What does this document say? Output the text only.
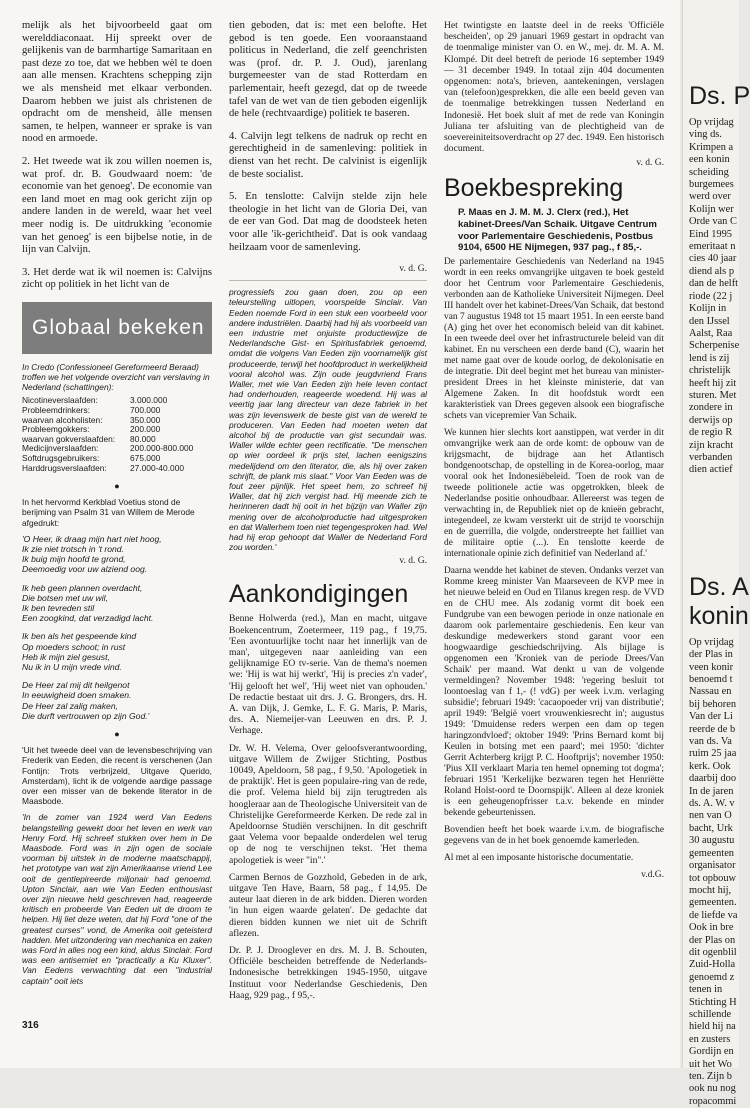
melijk als het bijvoorbeeld gaat om werelddiaconaat. Hij spreekt over de gelijkenis van de barmhartige Samaritaan en past deze zo toe, dat we hebben wèl te doen aan alle mensen. Krachtens schepping zijn we als mensheid met elkaar verbonden. Daarom hebben we juist als christenen de opdracht om de mensheid, àlle mensen samen, te helpen, wanneer er sprake is van nood en armoede.

2. Het tweede wat ik zou willen noemen is, wat prof. dr. B. Goudwaard noem: 'de economie van het genoeg'. De economie van een land moet en mag ook gericht zijn op andere landen in de wereld, waar het veel meer nodig is. De uitdrukking 'economie van het genoeg' is een bijbelse notie, in de lijn van Calvijn.

3. Het derde wat ik wil noemen is: Calvijns zicht op politiek in het licht van de

Globaal bekeken
In Credo (Confessioneel Gereformeerd Beraad) troffen we het volgende overzicht van verslaving in Nederland (schattingen):
Nicotineverslaafden:	3.000.000
Probleemdrinkers:	700.000
waarvan alcoholisten:	350.000
Probleemgokkers:	200.000
waarvan gokverslaafden:	80.000
Medicijnverslaafden:	200.000-800.000
Softdrugsgebruikers:	675.000
Harddrugsverslaafden:	27.000-40.000
●
In het hervormd Kerkblad Voetius stond de berijming van Psalm 31 van Willem de Merode afgedrukt:
'O Heer, ik draag mijn hart niet hoog,
Ik zie niet trotsch in 't rond.
Ik buig mijn hoofd te grond,
Deemoedig voor uw alziend oog.
Ik heb geen plannen overdacht,
Die botsen met uw wil,
Ik ben tevreden stil
Een zoogkind, dat verzadigd lacht.
Ik ben als het gespeende kind
Op moeders schoot; in rust
Heb ik mijn ziel gesust,
Nu ik in U mijn vrede vind.
De Heer zal mij dit heilgenot
In eeuwigheid doen smaken.
De Heer zal zalig maken,
Die durft vertrouwen op zijn God.'
●
'Uit het tweede deel van de levensbeschrijving van Frederik van Eeden, die recent is verschenen (Jan Fontijn: Trots verbrijzeld, Uitgave Querido, Amsterdam), licht ik de volgende aardige passage over een misser van de bekende literator in de Maasbode.
'In de zomer van 1924 werd Van Eedens belangstelling gewekt door het leven en werk van Henry Ford. Hij schreef stukken over hem in De Maasbode. Ford was in zijn ogen de sociale voorman bij uitstek in de moderne maatschappij, het prototype van wat zijn Amerikaanse vriend Lee ooit de gentlepireerde miljonair had genoemd. Upton Sinclair, aan wie Van Eeden enthousiast over zijn nieuwe held geschreven had, reageerde kritisch en probeerde Van Eeden uit de droom te helpen. Hij liet deze weten, dat hij Ford "one of the greatest curses" vond, de Amerika ooit geteisterd hadden. Met uitzondering van mechanica en zaken was Ford in alles nog een kind, aldus Sinclair. Ford was een antisemiet en "practically a Ku Kluxer". Van Eedens verwachting dat een "industrial captain" ooit iets

tien geboden, dat is: met een belofte. Het gebod is ten goede. Een vooraanstaand politicus in Nederland, die zelf geenchristen was (prof. dr. P. J. Oud), jarenlang burgemeester van de stad Rotterdam en parlementair, heeft gezegd, dat op de tweede tafel van de wet van de tien geboden eigenlijk de hele (rechtvaardige) politiek te baseren.

4. Calvijn legt telkens de nadruk op recht en gerechtigheid in de samenleving: politiek in dienst van het recht. De calvinist is eigenlijk de beste socialist.

5. En tenslotte: Calvijn stelde zijn hele theologie in het licht van de Gloria Dei, van de eer van God. Dat mag de doodsteek heten voor alle 'ik-gerichtheid'. Dat is ook vandaag heilzaam voor de samenleving.

v. d. G.
progressiefs zou gaan doen, zou op een teleurstelling uitlopen, voorspelde Sinclair. Van Eeden noemde Ford in een stuk een voorbeeld voor andere industriëlen. Daarbij had hij als voorbeeld van een industrie met onjuiste productiewijze de Nederlandsche Gist- en Spiritusfabriek genoemd, omdat die volgens Van Eeden zijn voornamelijk gist produceerde, terwijl het hoofdproduct in werkelijkheid vooral alcohol was. Zijn oude jeugdvriend Frans Waller, met wie Van Eeden zijn hele leven contact had onderhouden, reageerde woedend. Hij was al veertig jaar lang directeur van deze fabriek in het was zijn levenswerk de beste gist van de wereld te produceren. Van Eeden had moeten weten dat alcohol bij de productie van gist secundair was. Waller wilde echter geen rectificatie. "De menschen op wier oordeel ik prijs stel, lachen eenigszins medelijdend om den literator, die, als hij over zaken schrijft, de plank mis slaat." Voor Van Eeden was de fout zeer pijnlijk. Het speet hem, zo schreef hij Waller, dat hij zich vergist had. Hij meende zich te herinneren dadt hij ooit in het bijzijn van Waller zijn mening over de alcoholproductie had uitgesproken en dat Wallerhem toen niet tegengesproken had. Wel had hij erop gehoopt dat Waller de Nederland Ford zou worden.'
v. d. G.
Aankondigingen

Benne Holwerda (red.), Man en macht, uitgave Boekencentrum, Zoetermeer, 119 pag., f 19,75. 'Een avontuurlijke tocht naar het innerlijk van de man', uitgegeven naar aanleiding van een gelijknamige EO tv-serie. Van de thema's noemen we: 'Hij is wat hij werkt', 'Hij is precies z'n vader', 'Hij gelooft het wel', 'Hij weet niet van ophouden.' De redactie bestaat uit drs. J. G. Brongers, drs. H. A. van Dijk, J. Gemke, L. F. G. Maris, P. Maris, drs. A. Niemeijer-van Leeuwen en drs. P. J. Verhage.

Dr. W. H. Velema, Over geloofsverantwoording, uitgave Willem de Zwijger Stichting, Postbus 10049, Apeldoorn, 58 pag., f 9,50. 'Apologetiek in de praktijk'. Het is geen populaire-ring van de rede, die prof. Velema hield bij zijn terugtreden als hoogleraar aan de Theologische Universiteit van de Christelijke Gereformeerde Kerken. De rede zal in Apeldoornse Studiën verschijnen. In dit geschrift gaat Velema voor bepaalde onderdelen wel terug op de nog te verschijnen tekst. 'Het thema apologetiek is weer "in".'

Carmen Bernos de Gozzhold, Gebeden in de ark, uitgave Ten Have, Baarn, 58 pag., f 14,95. De auteur laat dieren in de ark bidden. Dieren worden 'in hun eigen waarde gelaten'. De gedachte dat dieren bidden kunnen we niet uit de Schrift aflezen.

Dr. P. J. Drooglever en drs. M. J. B. Schouten, Officiële bescheiden betreffende de Nederlands-Indonesische betrekkingen 1945-1950, uitgave Instituut voor Nederlandse Geschiedenis, Den Haag, 929 pag., f 95,-.

Het twintigste en laatste deel in de reeks 'Officiële bescheiden', op 29 januari 1969 gestart in opdracht van de toenmalige minister van O. en W., mej. dr. M. A. M. Klompé. Dit deel betreft de periode 16 september 1949 — 31 december 1949. In totaal zijn 404 documenten opgenomen: nota's, brieven, aantekeningen, verslagen van (telefoon)gesprekken, die alle een beeld geven van de toenmalige betrekkingen tussen Nederland en Indonesië. Het boek sluit af met de rede van Koningin Juliana ter afsluiting van de plechtigheid van de soevereiniteitsoverdracht op 27 dec. 1949. Een historisch document.

v. d. G.
Boekbespreking
P. Maas en J. M. M. J. Clerx (red.), Het kabinet-Drees/Van Schaik. Uitgave Centrum voor Parlementaire Geschiedenis, Postbus 9104, 6500 HE Nijmegen, 937 pag., f 85,-.

De parlementaire Geschiedenis van Nederland na 1945 wordt in een reeks omvangrijke uitgaven te boek gesteld door het Centrum voor Parlementaire Geschiedenis, verbonden aan de Katholieke Universiteit Nijmegen. Deel III handelt over het kabinet-Drees/Van Schaik, dat bestond van 7 augustus 1948 tot 15 maart 1951. In een eerste band (A) ging het over het economisch beleid van dit kabinet. In een tweede deel over het infrastructurele beleid van dit kabinet. En nu verscheen een derde band (C), waarin het met name gaat over de koude oorlog, de dekolonisatie en de integratie. Dit deel begint met het bureau van minister-president Drees in het kleinste ministerie, dat van Algemene Zaken. In dit hoofdstuk wordt een karakteristiek van Drees gegeven alsook een biografische schets van vicepremier Van Schaik.

We kunnen hier slechts kort aanstippen, wat verder in dit omvangrijke werk aan de orde komt: de opbouw van de krijgsmacht, de bijdrage aan het Atlantisch bondgenootschap, de opstelling in de Korea-oorlog, maar vooral ook het Indonesiëbeleid. 'Toen de rook van de tweede politionele actie was opgetrokken, bleek de Nederlandse positie onhoudbaar. Allereerst was tegen de verwachting in, de Republiek niet op de knieën gebracht, integendeel, ze kwam versterkt uit de strijd te voorschijn en de guerrilla, die volgde, onderstreepte het failliet van de militaire optie (...). En tenslotte keerde de internationale opinie zich definitief van Nederland af.'

Daarna wendde het kabinet de steven. Ondanks verzet van Romme kreeg minister Van Maarseveen de KVP mee in het nieuwe beleid en Oud en Tilanus kregen resp. de VVD en de CHU mee. Als zodanig vormt dit boek een Fundgrube van een bewogen periode in onze nationale en daarom ook parlementaire geschiedenis. Een keur van deskundige medewerkers stond garant voor een hoogwaardige geschiedschrijving. Als bijlage is opgenomen een 'Kroniek van de periode Drees/Van Schaik' per maand. Wat denkt u van de volgende vermeldingen? November 1948: 'regering besluit tot loontoeslag van f 1,- (! vdG) per week i.v.m. verlaging subsidie'; februari 1949: 'cacaopoeder vrij van distributie'; april 1949: 'België voert vrouwenkiesrecht in'; augustus 1949: 'Dmuidense reders werpen een dam op tegen haringzondvloed'; oktober 1949: 'Prins Bernard komt bij Keulen in botsing met een paard'; mei 1950: 'dichter Gerrit Achterberg krijgt P. C. Hooftprijs'; november 1950: 'Pius XII verklaart Maria ten hemel opneming tot dogma'; februari 1951 'Kerkelijke bezwaren tegen het Henriëtte Roland Holst-oord te Doornspijk'. Alleen al deze kroniek is een geheugenopfrisser t.a.v. bekende en minder bekende gebeurtenissen.

Bovendien heeft het boek waarde i.v.m. de biografische gegevens van de in het boek genoemde kamerleden.

Al met al een imposante historische documentatie.

v.d.G.
316
Ds. P
Op vrijdag
ving ds.
Krimpen a
een konin
scheiding
burgemees
werd over
Kolijn wer
Orde van C
Eind 1995
emeritaat n
cies 40 jaar
diend als p
dan de helft
riode (22 j
Kolijn in
den IJssel
Aalst, Raa
Scherpenise
lend is zij
christelijk
heeft hij zit
sturen. Met
zondere in
derwijs op
de regio R
zijn kracht
verbanden
dien actief
Ds. A
konin
Op vrijdag
der Plas in
veen konir
benoemd t
Nassau en
bij behoren
Van der Li
reerde de b
van ds. Va
ruim 25 jaa
kerk. Ook
daarbij doo
In de jaren
ds. A. W. v
nen van O
bacht, Urk
30 augustu
gemeenten
organisator
tot opbouw
mocht hij,
gemeenten.
de liefde va
Ook in bre
der Plas on
dit ogenblil
Zuid-Holla
genoemd z
tenen in
Stichting H
schillende
hield hij na
en zusters
Gordijn en
uit het Wo
ten. Zijn b
ook nu nog
ropacommi
